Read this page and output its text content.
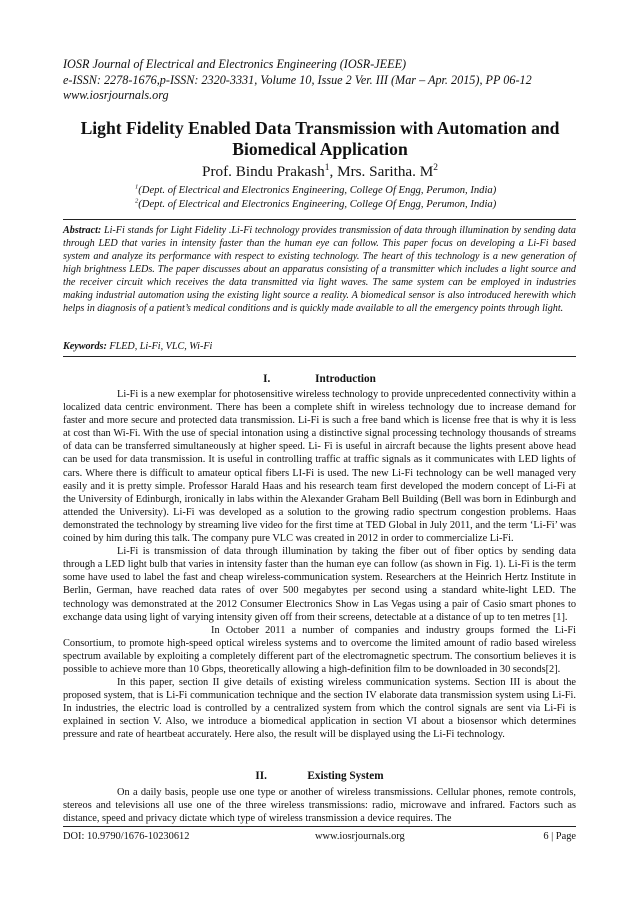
IOSR Journal of Electrical and Electronics Engineering (IOSR-JEEE)
e-ISSN: 2278-1676,p-ISSN: 2320-3331, Volume 10, Issue 2 Ver. III (Mar – Apr. 2015), PP 06-12
www.iosrjournals.org
Light Fidelity Enabled Data Transmission with Automation and
Biomedical Application
Prof. Bindu Prakash$^1$, Mrs. Saritha. $M^2$
$^1$(Dept. of Electrical and Electronics Engineering, College Of Engg, Perumon, India)
$^2$(Dept. of Electrical and Electronics Engineering, College Of Engg, Perumon, India)
Abstract: Li-Fi stands for Light Fidelity .Li-Fi technology provides transmission of data through illumination by sending data through LED that varies in intensity faster than the human eye can follow. This paper focus on developing a Li-Fi based system and analyze its performance with respect to existing technology. The heart of this technology is a new generation of high brightness LEDs. The paper discusses about an apparatus consisting of a transmitter which includes a light source and the receiver circuit which receives the data transmitted via light waves. The same system can be employed in industries making industrial automation using the existing light source a reality. A biomedical sensor is also introduced herewith which helps in diagnosis of a patient’s medical conditions and is quickly made available to all the emergency points through light.
Keywords: FLED, Li-Fi, VLC, Wi-Fi
I.	Introduction

Li-Fi is a new exemplar for photosensitive wireless technology to provide unprecedented connectivity within a localized data centric environment. There has been a complete shift in wireless technology due to increase demand for faster and more secure and protected data transmission. Li-Fi is such a free band which is license free that is why it is less at cost than Wi-Fi. With the use of special intonation using a distinctive signal processing technology thousands of streams of data can be transferred simultaneously at higher speed. Li- Fi is useful in aircraft because the lights present above head can be used for data transmission. It is useful in controlling traffic at traffic signals as it communicates with LED lights of cars. Where there is difficult to amateur optical fibers LI-Fi is used. The new Li-Fi technology can be well managed very easily and it is pretty simple. Professor Harald Haas and his research team first developed the modern concept of Li-Fi at the University of Edinburgh, ironically in labs within the Alexander Graham Bell Building (Bell was born in Edinburgh and attended the University). Li-Fi was developed as a solution to the growing radio spectrum congestion problems. Haas demonstrated the technology by streaming live video for the first time at TED Global in July 2011, and the term ‘Li-Fi’ was coined by him during this talk. The company pure VLC was created in 2012 in order to commercialize Li-Fi.

Li-Fi is transmission of data through illumination by taking the fiber out of fiber optics by sending data through a LED light bulb that varies in intensity faster than the human eye can follow (as shown in Fig. 1). Li-Fi is the term some have used to label the fast and cheap wireless-communication system. Researchers at the Heinrich Hertz Institute in Berlin, German, have reached data rates of over 500 megabytes per second using a standard white-light LED. The technology was demonstrated at the 2012 Consumer Electronics Show in Las Vegas using a pair of Casio smart phones to exchange data using light of varying intensity given off from their screens, detectable at a distance of up to ten metres [1].

In October 2011 a number of companies and industry groups formed the Li-Fi Consortium, to promote high-speed optical wireless systems and to overcome the limited amount of radio based wireless spectrum available by exploiting a completely different part of the electromagnetic spectrum. The consortium believes it is possible to achieve more than 10 Gbps, theoretically allowing a high-definition film to be downloaded in 30 seconds[2].

In this paper, section II give details of existing wireless communication systems. Section III is about the proposed system, that is Li-Fi communication technique and the section IV elaborate data transmission system using Li-Fi. In industries, the electric load is controlled by a centralized system from which the control signals are sent via Li-Fi is explained in section V. Also, we introduce a biomedical application in section VI about a biosensor which determines pressure and rate of heartbeat accurately. Here also, the result will be displayed using the Li-Fi technology.

II.	Existing System

On a daily basis, people use one type or another of wireless transmissions. Cellular phones, remote controls, stereos and televisions all use one of the three wireless transmissions: radio, microwave and infrared. Factors such as distance, speed and privacy dictate which type of wireless transmission a device requires. The

DOI: 10.9790/1676-10230612	www.iosrjournals.org	6 | Page
